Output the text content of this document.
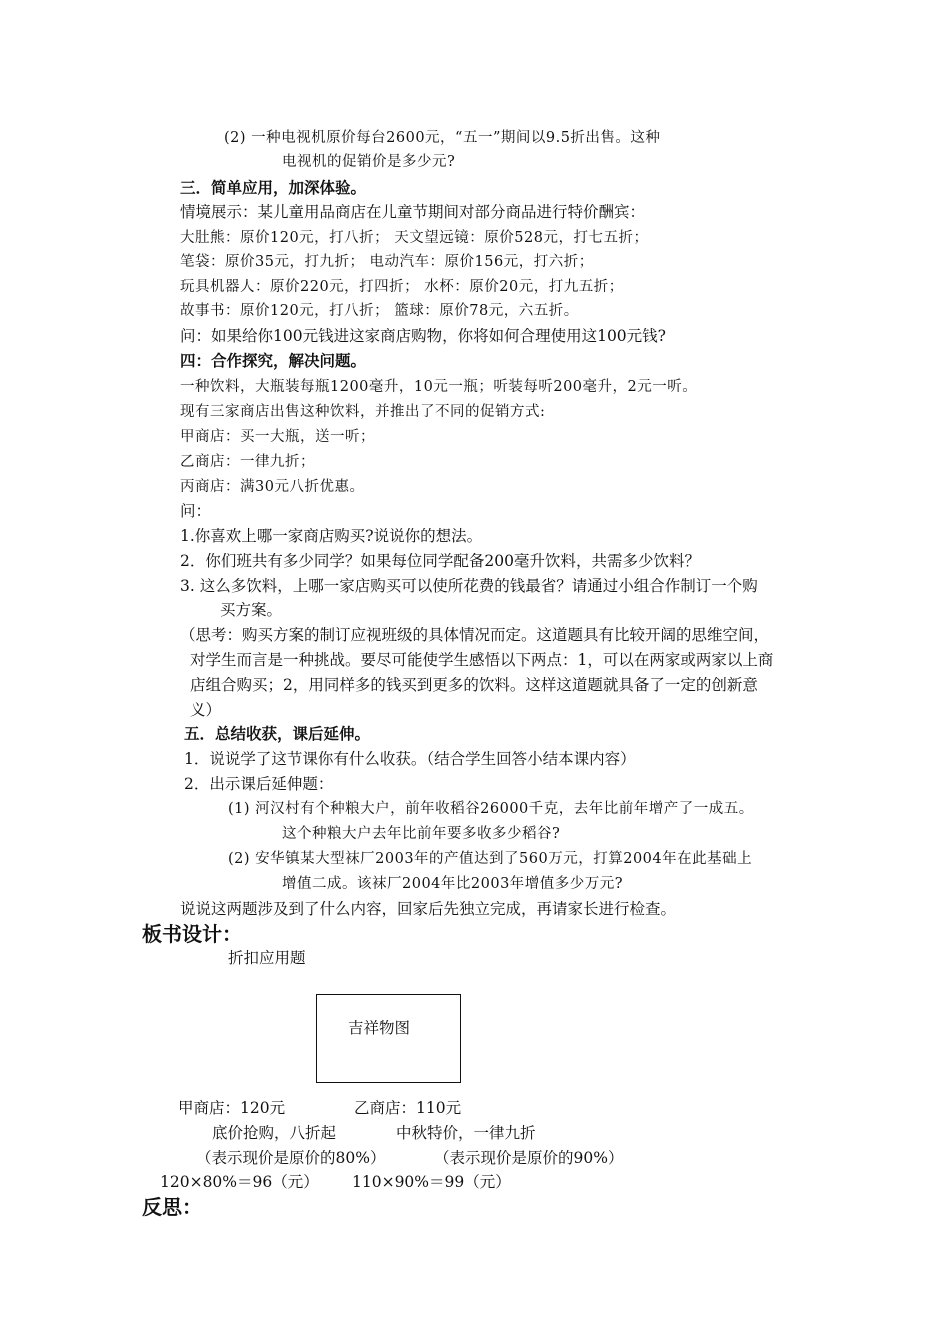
(2) 一种电视机原价每台2600元，“五一”期间以9.5折出售。这种
电视机的促销价是多少元?
三．简单应用，加深体验。
情境展示：某儿童用品商店在儿童节期间对部分商品进行特价酬宾：
大肚熊：原价120元，打八折； 天文望远镜：原价528元，打七五折；
笔袋：原价35元，打九折； 电动汽车：原价156元，打六折；
玩具机器人：原价220元，打四折； 水杯：原价20元，打九五折；
故事书：原价120元，打八折； 篮球：原价78元，六五折。
问：如果给你100元钱进这家商店购物，你将如何合理使用这100元钱?
四：合作探究，解决问题。
一种饮料，大瓶装每瓶1200毫升，10元一瓶；听装每听200毫升，2元一听。
现有三家商店出售这种饮料，并推出了不同的促销方式:
甲商店：买一大瓶，送一听；
乙商店：一律九折；
丙商店：满30元八折优惠。
问：
1.你喜欢上哪一家商店购买?说说你的想法。
2．你们班共有多少同学？如果每位同学配备200毫升饮料，共需多少饮料？
3. 这么多饮料，上哪一家店购买可以使所花费的钱最省？请通过小组合作制订一个购
买方案。
（思考：购买方案的制订应视班级的具体情况而定。这道题具有比较开阔的思维空间，
对学生而言是一种挑战。要尽可能使学生感悟以下两点：1，可以在两家或两家以上商
店组合购买；2，用同样多的钱买到更多的饮料。这样这道题就具备了一定的创新意
义）
五．总结收获，课后延伸。
1．说说学了这节课你有什么收获。（结合学生回答小结本课内容）
2．出示课后延伸题：
(1) 河汉村有个种粮大户，前年收稻谷26000千克，去年比前年增产了一成五。
这个种粮大户去年比前年要多收多少稻谷?
(2) 安华镇某大型袜厂2003年的产值达到了560万元，打算2004年在此基础上
增值二成。该袜厂2004年比2003年增值多少万元?
说说这两题涉及到了什么内容，回家后先独立完成，再请家长进行检查。
板书设计：
折扣应用题
吉祥物图
甲商店：120元	乙商店：110元
底价抢购，八折起	中秋特价，一律九折
（表示现价是原价的80%）	（表示现价是原价的90%）
120×80%＝96（元） 110×90%＝99（元）
反思：
